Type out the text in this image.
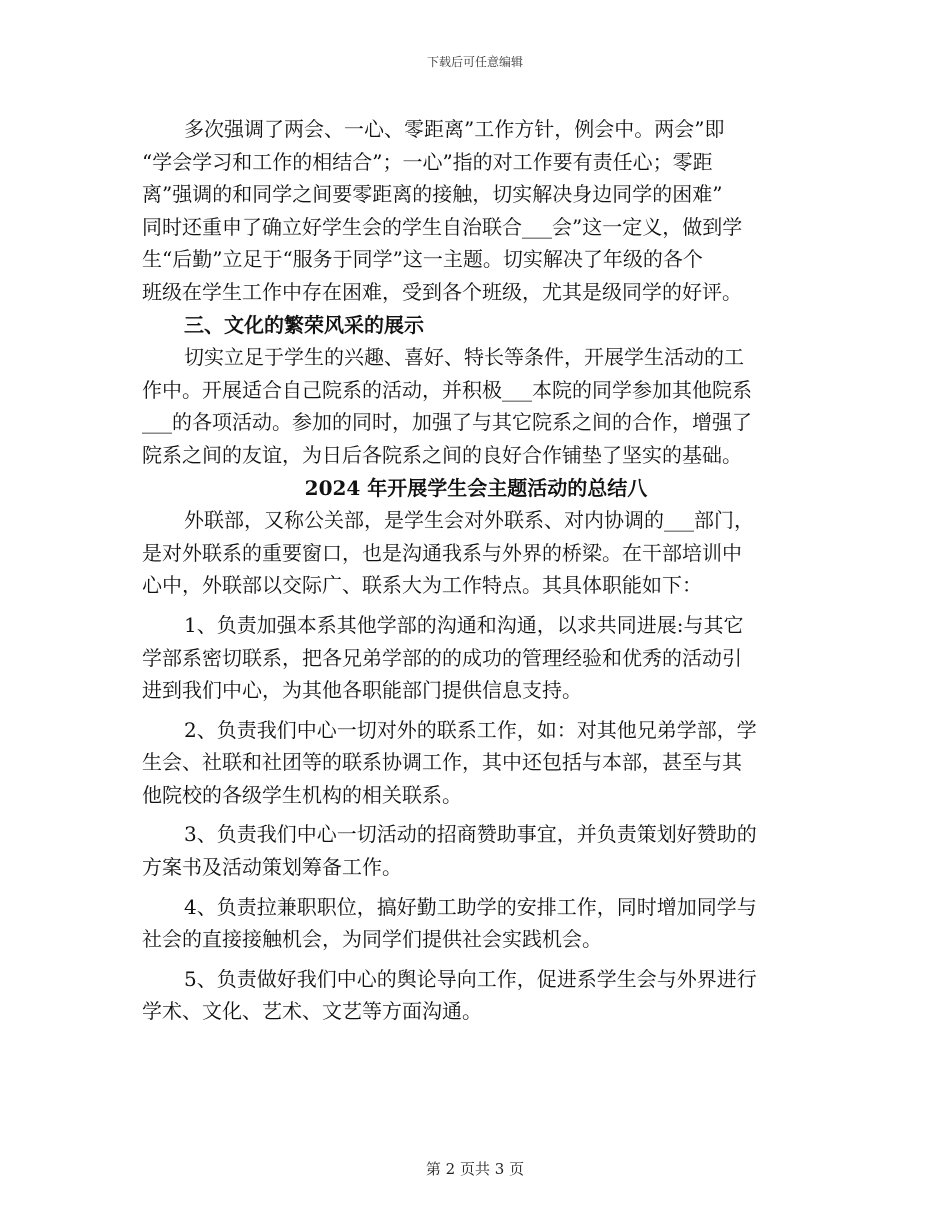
下载后可任意编辑
多次强调了两会、一心、零距离”工作方针，例会中。两会”即
“学会学习和工作的相结合”；一心”指的对工作要有责任心；零距
离”强调的和同学之间要零距离的接触，切实解决身边同学的困难”
同时还重申了确立好学生会的学生自治联合___会”这一定义，做到学
生“后勤”立足于“服务于同学”这一主题。切实解决了年级的各个
班级在学生工作中存在困难，受到各个班级，尤其是级同学的好评。
三、文化的繁荣风采的展示
切实立足于学生的兴趣、喜好、特长等条件，开展学生活动的工
作中。开展适合自己院系的活动，并积极___本院的同学参加其他院系
___的各项活动。参加的同时，加强了与其它院系之间的合作，增强了
院系之间的友谊，为日后各院系之间的良好合作铺垫了坚实的基础。
2024 年开展学生会主题活动的总结八
外联部，又称公关部，是学生会对外联系、对内协调的___部门，
是对外联系的重要窗口，也是沟通我系与外界的桥梁。在干部培训中
心中，外联部以交际广、联系大为工作特点。其具体职能如下：
1、负责加强本系其他学部的沟通和沟通，以求共同进展:与其它
学部系密切联系，把各兄弟学部的的成功的管理经验和优秀的活动引
进到我们中心，为其他各职能部门提供信息支持。
2、负责我们中心一切对外的联系工作，如：对其他兄弟学部，学
生会、社联和社团等的联系协调工作，其中还包括与本部，甚至与其
他院校的各级学生机构的相关联系。
3、负责我们中心一切活动的招商赞助事宜，并负责策划好赞助的
方案书及活动策划筹备工作。
4、负责拉兼职职位，搞好勤工助学的安排工作，同时增加同学与
社会的直接接触机会，为同学们提供社会实践机会。
5、负责做好我们中心的舆论导向工作，促进系学生会与外界进行
学术、文化、艺术、文艺等方面沟通。
第 2 页共 3 页
